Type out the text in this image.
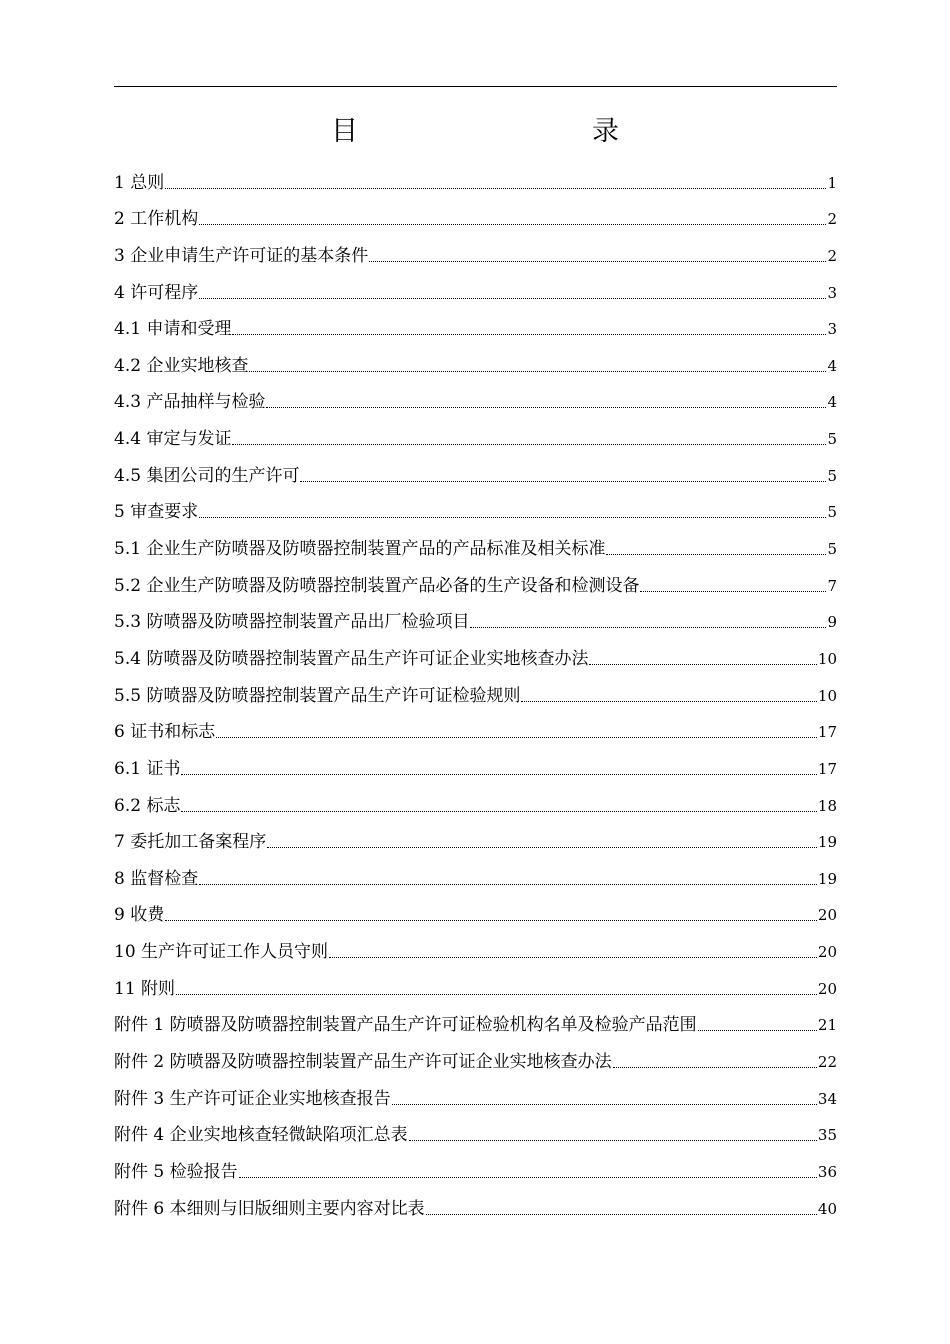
目　　录
1 总则	1
2 工作机构	2
3 企业申请生产许可证的基本条件	2
4 许可程序	3
4.1 申请和受理	3
4.2 企业实地核查	4
4.3 产品抽样与检验	4
4.4 审定与发证	5
4.5 集团公司的生产许可	5
5 审查要求	5
5.1 企业生产防喷器及防喷器控制装置产品的产品标准及相关标准	5
5.2 企业生产防喷器及防喷器控制装置产品必备的生产设备和检测设备	7
5.3 防喷器及防喷器控制装置产品出厂检验项目	9
5.4 防喷器及防喷器控制装置产品生产许可证企业实地核查办法	10
5.5 防喷器及防喷器控制装置产品生产许可证检验规则	10
6 证书和标志	17
6.1 证书	17
6.2 标志	18
7 委托加工备案程序	19
8 监督检查	19
9 收费	20
10 生产许可证工作人员守则	20
11 附则	20
附件 1 防喷器及防喷器控制装置产品生产许可证检验机构名单及检验产品范围	21
附件 2 防喷器及防喷器控制装置产品生产许可证企业实地核查办法	22
附件 3 生产许可证企业实地核查报告	34
附件 4 企业实地核查轻微缺陷项汇总表	35
附件 5 检验报告	36
附件 6 本细则与旧版细则主要内容对比表	40
